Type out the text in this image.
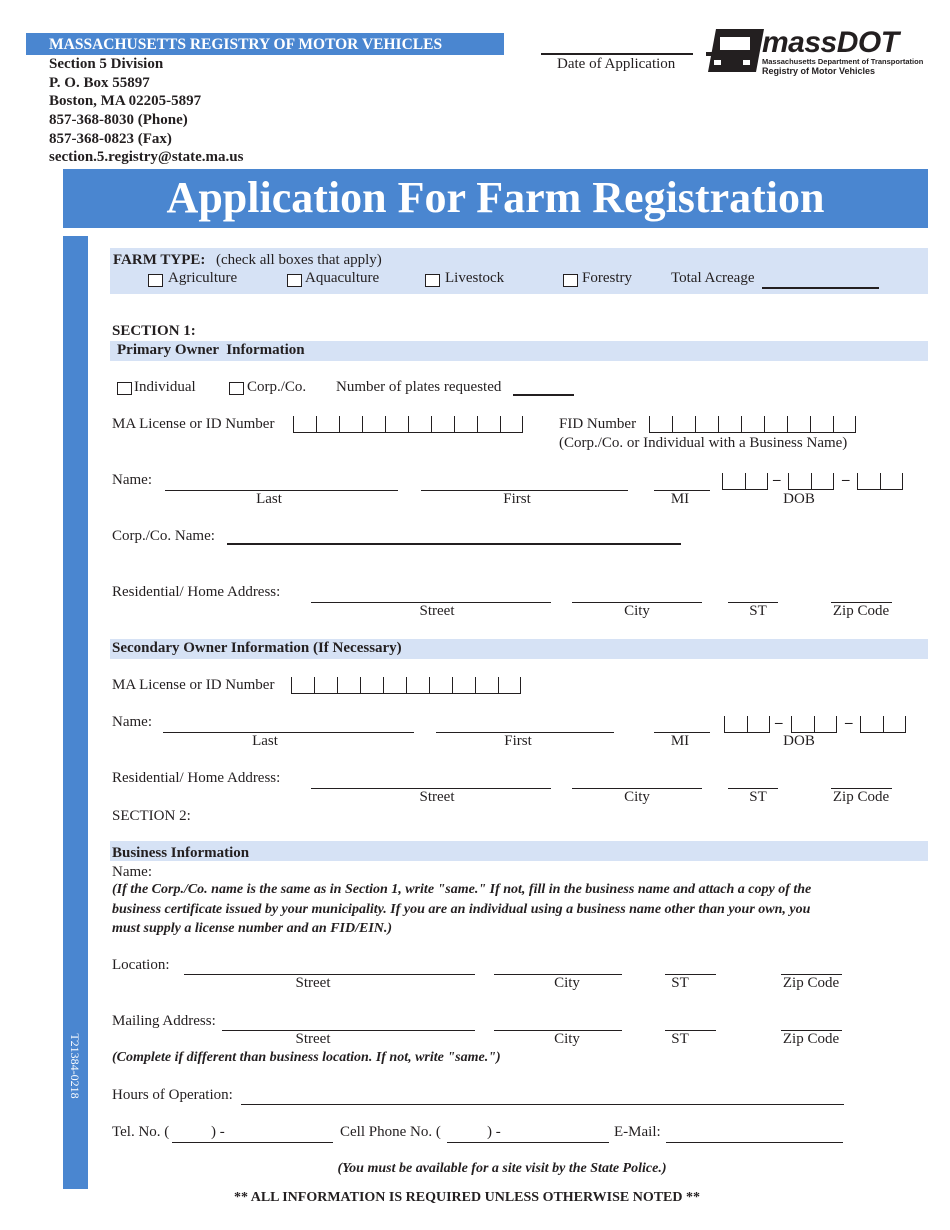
MASSACHUSETTS REGISTRY OF MOTOR VEHICLES
Section 5 Division
P. O. Box 55897
Boston, MA 02205-5897
857-368-8030 (Phone)
857-368-0823 (Fax)
section.5.registry@state.ma.us
Date of Application
massDOT
Massachusetts Department of Transportation
Registry of Motor Vehicles
Application For Farm Registration
T21384-0218
FARM TYPE: (check all boxes that apply)
Agriculture	Aquaculture	Livestock	Forestry	Total Acreage
SECTION 1:
Primary Owner  Information
Individual	Corp./Co. Number of plates requested
MA License or ID Number	FID Number
(Corp./Co. or Individual with a Business Name)
Name:
Last	First	MI
–	–
DOB
Corp./Co. Name:
Residential/ Home Address:
Street	City	ST	Zip Code
Secondary Owner Information (If Necessary)
MA License or ID Number
Name:
Last	First	MI
–	–
DOB
Residential/ Home Address:
Street	City	ST	Zip Code
SECTION 2:
Business Information
Name:
(If the Corp./Co. name is the same as in Section 1, write "same." If not, fill in the business name and attach a copy of the
business certificate issued by your municipality. If you are an individual using a business name other than your own, you
must supply a license number and an FID/EIN.)
Location:
Street	City	ST	Zip Code
Mailing Address:
Street	City	ST	Zip Code
(Complete if different than business location. If not, write "same.")
Hours of Operation:
Tel. No. (	) -	Cell Phone No. (	) -	E-Mail:
(You must be available for a site visit by the State Police.)
** ALL INFORMATION IS REQUIRED UNLESS OTHERWISE NOTED **
